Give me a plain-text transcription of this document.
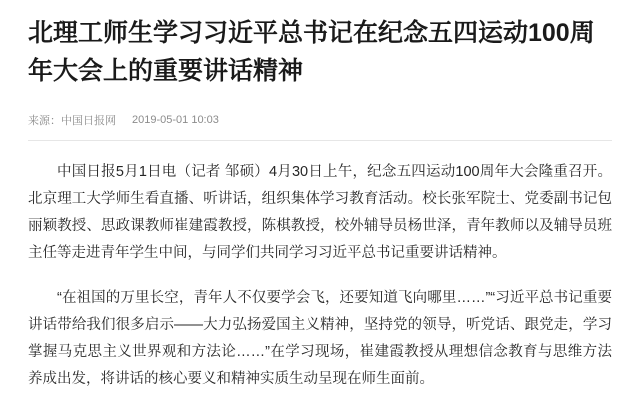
北理工师生学习习近平总书记在纪念五四运动100周年大会上的重要讲话精神
来源： 中国日报网 2019-05-01 10:03

中国日报5月1日电（记者 邹硕）4月30日上午，纪念五四运动100周年大会隆重召开。北京理工大学师生看直播、听讲话，组织集体学习教育活动。校长张军院士、党委副书记包丽颖教授、思政课教师崔建霞教授，陈棋教授，校外辅导员杨世泽，青年教师以及辅导员班主任等走进青年学生中间，与同学们共同学习习近平总书记重要讲话精神。

“在祖国的万里长空，青年人不仅要学会飞，还要知道飞向哪里……”“习近平总书记重要讲话带给我们很多启示——大力弘扬爱国主义精神，坚持党的领导，听党话、跟党走，学习掌握马克思主义世界观和方法论……”在学习现场，崔建霞教授从理想信念教育与思维方法养成出发，将讲话的核心要义和精神实质生动呈现在师生面前。
